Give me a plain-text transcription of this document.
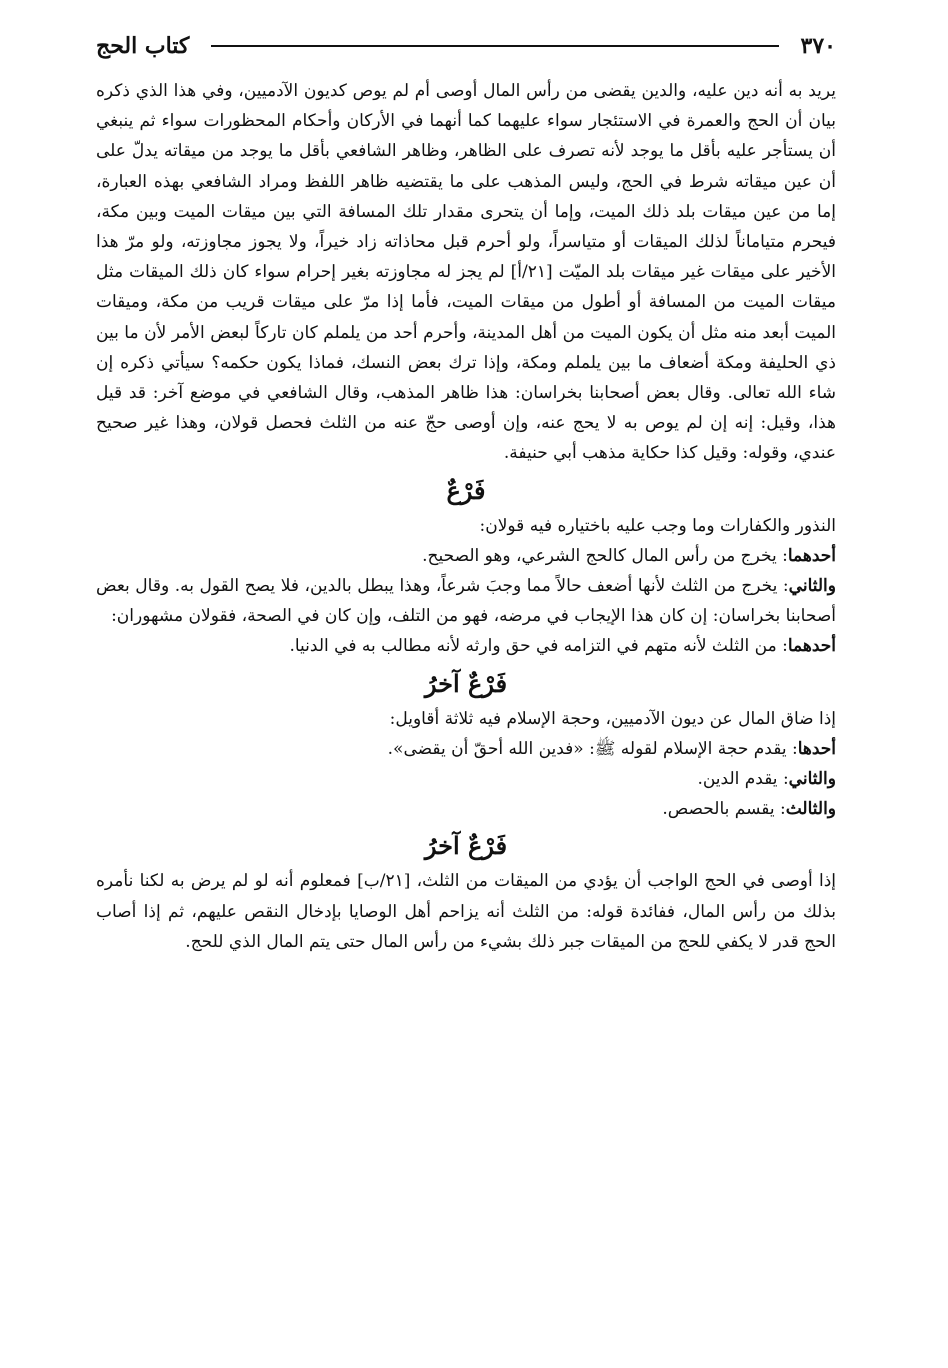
٣٧٠
كتاب الحج

يريد به أنه دين عليه، والدين يقضى من رأس المال أوصى أم لم يوص كديون الآدميين، وفي هذا الذي ذكره بيان أن الحج والعمرة في الاستئجار سواء عليهما كما أنهما في الأركان وأحكام المحظورات سواء ثم ينبغي أن يستأجر عليه بأقل ما يوجد لأنه تصرف على الظاهر، وظاهر الشافعي بأقل ما يوجد من ميقاته يدلّ على أن عين ميقاته شرط في الحج، وليس المذهب على ما يقتضيه ظاهر اللفظ ومراد الشافعي بهذه العبارة، إما من عين ميقات بلد ذلك الميت، وإما أن يتحرى مقدار تلك المسافة التي بين ميقات الميت وبين مكة، فيحرم متياماناً لذلك الميقات أو متياسراً، ولو أحرم قبل محاذاته زاد خيراً، ولا يجوز مجاوزته، ولو مرّ هذا الأخير على ميقات غير ميقات بلد الميّت [٢١/أ] لم يجز له مجاوزته بغير إحرام سواء كان ذلك الميقات مثل ميقات الميت من المسافة أو أطول من ميقات الميت، فأما إذا مرّ على ميقات قريب من مكة، وميقات الميت أبعد منه مثل أن يكون الميت من أهل المدينة، وأحرم أحد من يلملم كان تاركاً لبعض الأمر لأن ما بين ذي الحليفة ومكة أضعاف ما بين يلملم ومكة، وإذا ترك بعض النسك، فماذا يكون حكمه؟ سيأتي ذكره إن شاء الله تعالى. وقال بعض أصحابنا بخراسان: هذا ظاهر المذهب، وقال الشافعي في موضع آخر: قد قيل هذا، وقيل: إنه إن لم يوص به لا يحج عنه، وإن أوصى حجّ عنه من الثلث فحصل قولان، وهذا غير صحيح عندي، وقوله: وقيل كذا حكاية مذهب أبي حنيفة.

فَرْعٌ

النذور والكفارات وما وجب عليه باختياره فيه قولان:

أحدهما: يخرج من رأس المال كالحج الشرعي، وهو الصحيح.

والثاني: يخرج من الثلث لأنها أضعف حالاً مما وجبَ شرعاً، وهذا يبطل بالدين، فلا يصح القول به. وقال بعض أصحابنا بخراسان: إن كان هذا الإيجاب في مرضه، فهو من التلف، وإن كان في الصحة، فقولان مشهوران:

أحدهما: من الثلث لأنه متهم في التزامه في حق وارثه لأنه مطالب به في الدنيا.

فَرْعٌ آخرُ

إذا ضاق المال عن ديون الآدميين، وحجة الإسلام فيه ثلاثة أقاويل:

أحدها: يقدم حجة الإسلام لقوله ﷺ: «فدين الله أحقّ أن يقضى».

والثاني: يقدم الدين.

والثالث: يقسم بالحصص.

فَرْعٌ آخرُ

إذا أوصى في الحج الواجب أن يؤدي من الميقات من الثلث، [٢١/ب] فمعلوم أنه لو لم يرض به لكنا نأمره بذلك من رأس المال، ففائدة قوله: من الثلث أنه يزاحم أهل الوصايا بإدخال النقص عليهم، ثم إذا أصاب الحج قدر لا يكفي للحج من الميقات جبر ذلك بشيء من رأس المال حتى يتم المال الذي للحج.
